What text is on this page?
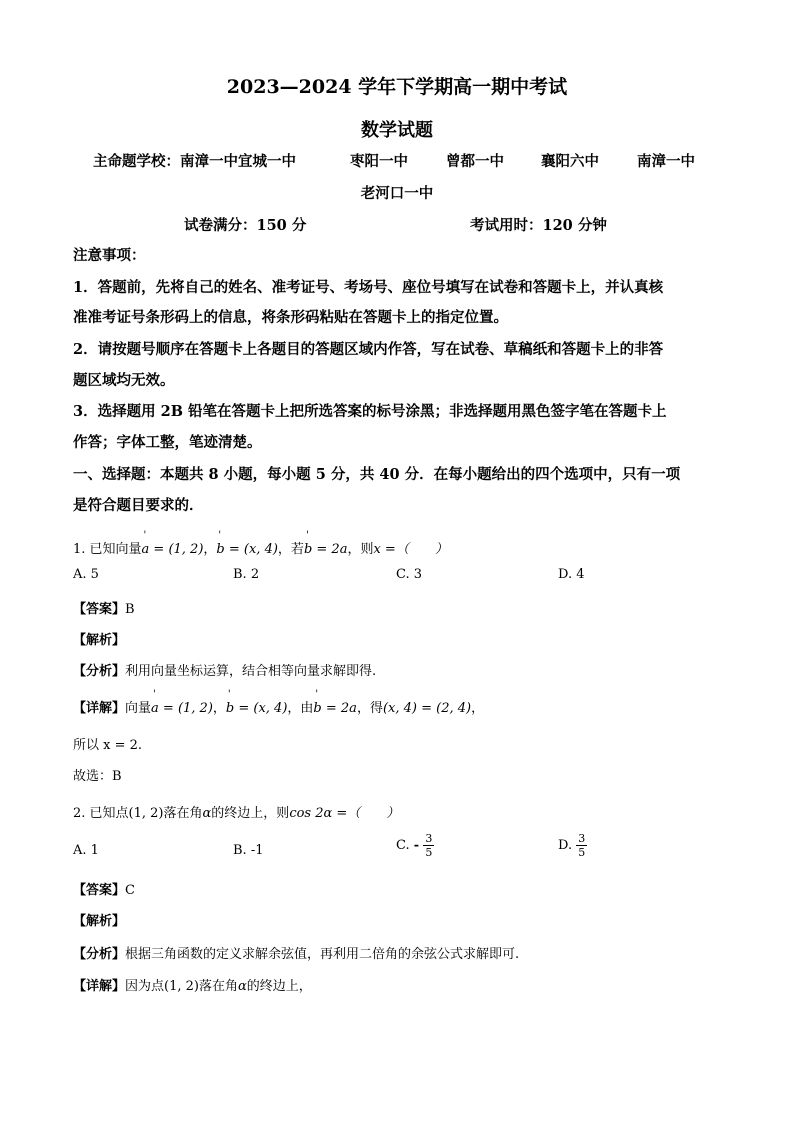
2023—2024 学年下学期高一期中考试
数学试题
主命题学校：南漳一中宜城一中	枣阳一中	曾都一中	襄阳六中	南漳一中
老河口一中
试卷满分：150 分	考试用时：120 分钟
注意事项：
1．答题前，先将自己的姓名、准考证号、考场号、座位号填写在试卷和答题卡上，并认真核
准准考证号条形码上的信息，将条形码粘贴在答题卡上的指定位置。
2．请按题号顺序在答题卡上各题目的答题区域内作答，写在试卷、草稿纸和答题卡上的非答
题区域均无效。
3．选择题用 2B 铅笔在答题卡上把所选答案的标号涂黑；非选择题用黑色签字笔在答题卡上
作答；字体工整，笔迹清楚。
一、选择题：本题共 8 小题，每小题 5 分，共 40 分．在每小题给出的四个选项中，只有一项
是符合题目要求的．
1. 已知向量' a = (1, 2)，' b = (x, 4)，若' b = 2a，则x =（　　）
A. 5	B. 2	C. 3	D. 4
【答案】B
【解析】
【分析】利用向量坐标运算，结合相等向量求解即得.
【详解】向量' a = (1, 2)，' b = (x, 4)，由' b = 2a，得(x, 4) = (2, 4)，
所以 x = 2.
故选：B
2. 已知点(1, 2)落在角α的终边上，则cos 2α =（　　）
A. 1	B. -1	C. - $\frac{3}{5}$	D. $\frac{3}{5}$
【答案】C
【解析】
【分析】根据三角函数的定义求解余弦值，再利用二倍角的余弦公式求解即可.
【详解】因为点(1, 2)落在角α的终边上，
